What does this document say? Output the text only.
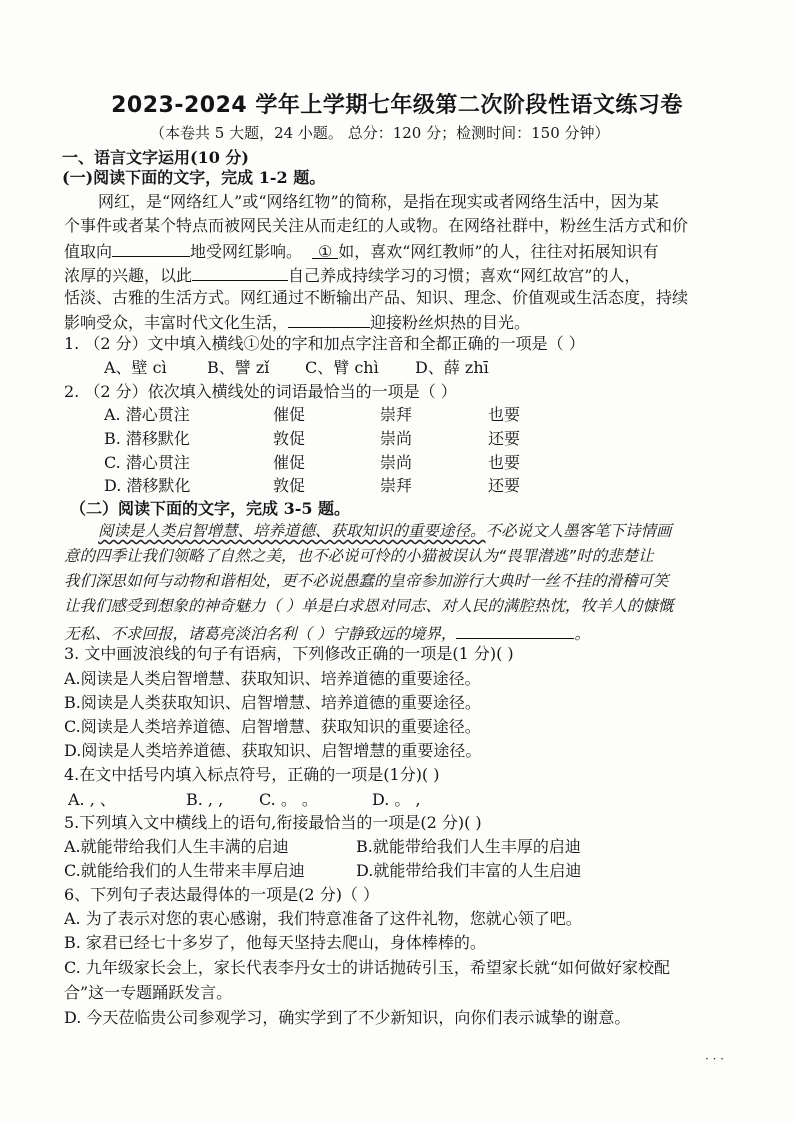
2023-2024 学年上学期七年级第二次阶段性语文练习卷
（本卷共 5 大题，24 小题。 总分：120 分；检测时间：150 分钟）
一、语言文字运用(10 分)
(一)阅读下面的文字，完成 1-2 题。
网红，是“网络红人”或“网络红物”的简称，是指在现实或者网络生活中，因为某
个事件或者某个特点而被网民关注从而走红的人或物。在网络社群中，粉丝生活方式和价
值取向	地受网红影响。 ① 如，喜欢“网红教师”的人，往往对拓展知识有
浓厚的兴趣，以此	自己养成持续学习的习惯；喜欢“网红故宫”的人，
恬淡、古雅的生活方式。网红通过不断输出产品、知识、理念、价值观或生活态度，持续
影响受众，丰富时代文化生活，	迎接粉丝炽热的目光。
1. （2 分）文中填入横线①处的字和加点字注音和全都正确的一项是（ ）
A、壁 cì	B、譬 zǐ C、臂 chì D、薛 zhī
2. （2 分）依次填入横线处的词语最恰当的一项是（ ）
A. 潜心贯注	催促	崇拜	也要
B. 潜移默化	敦促	崇尚	还要
C. 潜心贯注	催促	崇尚	也要
D. 潜移默化	敦促	崇拜	还要
（二）阅读下面的文字，完成 3-5 题。
阅读是人类启智增慧、培养道德、获取知识的重要途径。不必说文人墨客笔下诗情画
意的四季让我们领略了自然之美，也不必说可怜的小猫被误认为“畏罪潜逃”时的悲楚让
我们深思如何与动物和谐相处，更不必说愚蠢的皇帝参加游行大典时一丝不挂的滑稽可笑
让我们感受到想象的神奇魅力（ ）单是白求恩对同志、对人民的满腔热忱，牧羊人的慷慨
无私、不求回报，诸葛亮淡泊名利（ ）宁静致远的境界，	。
3. 文中画波浪线的句子有语病，下列修改正确的一项是(1 分)( )
A.阅读是人类启智增慧、获取知识、培养道德的重要途径。
B.阅读是人类获取知识、启智增慧、培养道德的重要途径。
C.阅读是人类培养道德、启智增慧、获取知识的重要途径。
D.阅读是人类培养道德、获取知识、启智增慧的重要途径。
4.在文中括号内填入标点符号，正确的一项是(1分)( )
A. , 、	B. , , C. 。 。	D. 。 ,
5.下列填入文中横线上的语句,衔接最恰当的一项是(2 分)( )
A.就能带给我们人生丰满的启迪	B.就能带给我们人生丰厚的启迪
C.就能给我们的人生带来丰厚启迪	D.就能带给我们丰富的人生启迪
6、下列句子表达最得体的一项是(2 分)（ ）
A. 为了表示对您的衷心感谢，我们特意准备了这件礼物，您就心领了吧。
B. 家君已经七十多岁了，他每天坚持去爬山，身体棒棒的。
C. 九年级家长会上，家长代表李丹女士的讲话抛砖引玉，希望家长就“如何做好家校配
合”这一专题踊跃发言。
D. 今天莅临贵公司参观学习，确实学到了不少新知识，向你们表示诚挚的谢意。
· · ·
